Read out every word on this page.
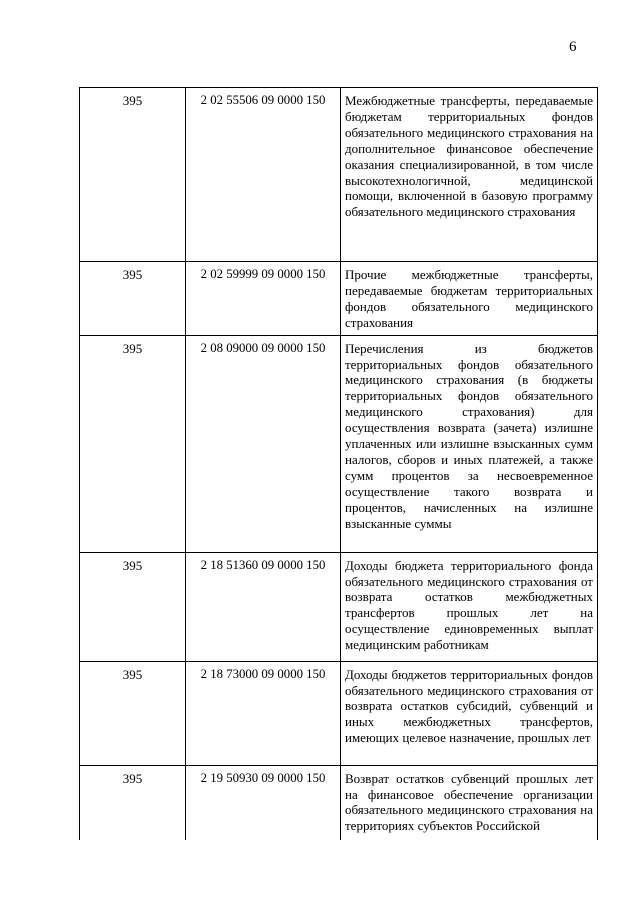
6
395	2 02 55506 09 0000 150	Межбюджетные трансферты, передаваемые бюджетам территориальных фондов обязательного медицинского страхования на дополнительное финансовое обеспечение оказания специализированной, в том числе высокотехнологичной, медицинской помощи, включенной в базовую программу обязательного медицинского страхования
395	2 02 59999 09 0000 150	Прочие межбюджетные трансферты, передаваемые бюджетам территориальных фондов обязательного медицинского страхования
395	2 08 09000 09 0000 150	Перечисления из бюджетов территориальных фондов обязательного медицинского страхования (в бюджеты территориальных фондов обязательного медицинского страхования) для осуществления возврата (зачета) излишне уплаченных или излишне взысканных сумм налогов, сборов и иных платежей, а также сумм процентов за несвоевременное осуществление такого возврата и процентов, начисленных на излишне взысканные суммы
395	2 18 51360 09 0000 150	Доходы бюджета территориального фонда обязательного медицинского страхования от возврата остатков межбюджетных трансфертов прошлых лет на осуществление единовременных выплат медицинским работникам
395	2 18 73000 09 0000 150	Доходы бюджетов территориальных фондов обязательного медицинского страхования от возврата остатков субсидий, субвенций и иных межбюджетных трансфертов, имеющих целевое назначение, прошлых лет
395	2 19 50930 09 0000 150	Возврат остатков субвенций прошлых лет на финансовое обеспечение организации обязательного медицинского страхования на территориях субъектов Российской
